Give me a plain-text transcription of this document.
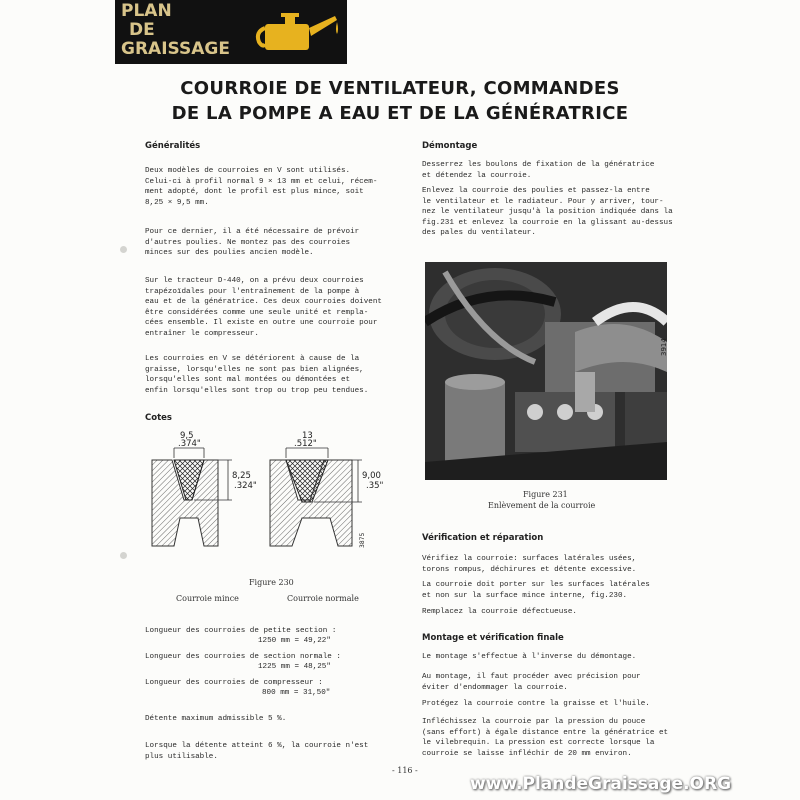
PLAN
DE
GRAISSAGE
COURROIE DE VENTILATEUR, COMMANDES
DE LA POMPE A EAU ET DE LA GÉNÉRATRICE
Généralités
Deux modèles de courroies en V sont utilisés.
Celui-ci à profil normal 9 × 13 mm et celui, récem-
ment adopté, dont le profil est plus mince, soit
8,25 × 9,5 mm.
Pour ce dernier, il a été nécessaire de prévoir
d'autres poulies. Ne montez pas des courroies
minces sur des poulies ancien modèle.
Sur le tracteur D-440, on a prévu deux courroies
trapézoïdales pour l'entraînement de la pompe à
eau et de la génératrice. Ces deux courroies doivent
être considérées comme une seule unité et rempla-
cées ensemble. Il existe en outre une courroie pour
entraîner le compresseur.
Les courroies en V se détériorent à cause de la
graisse, lorsqu'elles ne sont pas bien alignées,
lorsqu'elles sont mal montées ou démontées et
enfin lorsqu'elles sont trop ou trop peu tendues.
Cotes
9,5
.374"
8,25
.324"
13
.512"
9,00
.35"
3875
Figure 230
Courroie mince	Courroie normale
Longueur des courroies de petite section :
1250 mm = 49,22"
Longueur des courroies de section normale :
1225 mm = 48,25"
Longueur des courroies de compresseur :
800 mm = 31,50"
Détente maximum admissible 5 %.
Lorsque la détente atteint 6 %, la courroie n'est
plus utilisable.
Démontage
Desserrez les boulons de fixation de la génératrice
et détendez la courroie.
Enlevez la courroie des poulies et passez-la entre
le ventilateur et le radiateur. Pour y arriver, tour-
nez le ventilateur jusqu'à la position indiquée dans la
fig.231 et enlevez la courroie en la glissant au-dessus
des pales du ventilateur.
3914
Figure 231
Enlèvement de la courroie
Vérification et réparation
Vérifiez la courroie: surfaces latérales usées,
torons rompus, déchirures et détente excessive.
La courroie doit porter sur les surfaces latérales
et non sur la surface mince interne, fig.230.
Remplacez la courroie défectueuse.
Montage et vérification finale
Le montage s'effectue à l'inverse du démontage.
Au montage, il faut procéder avec précision pour
éviter d'endommager la courroie.
Protégez la courroie contre la graisse et l'huile.
Infléchissez la courroie par la pression du pouce
(sans effort) à égale distance entre la génératrice et
le vilebrequin. La pression est correcte lorsque la
courroie se laisse infléchir de 20 mm environ.
- 116 -
www.PlandeGraissage.ORG
